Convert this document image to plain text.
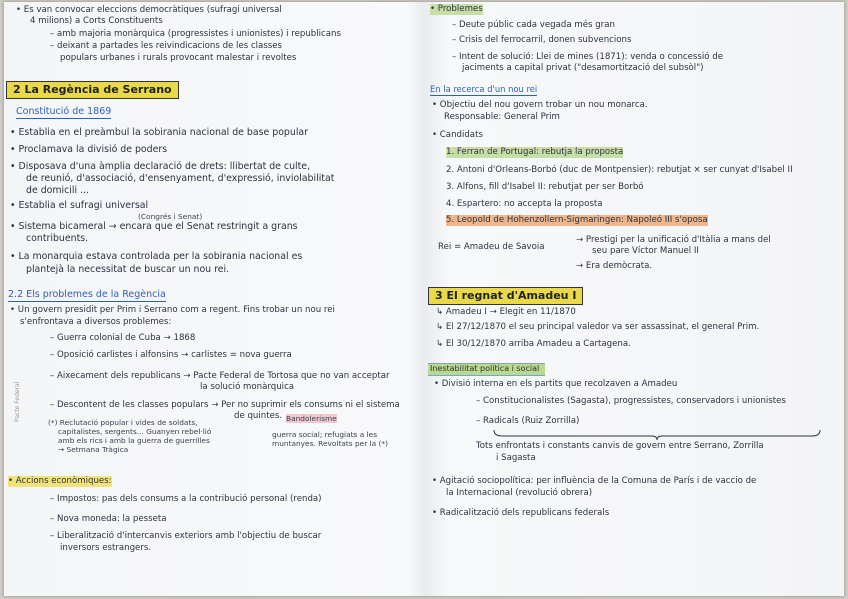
• Es van convocar eleccions democràtiques (sufragi universal
4 milions) a Corts Constituents
– amb majoria monàrquica (progressistes i unionistes) i republicans
– deixant a partades les reivindicacions de les classes
populars urbanes i rurals provocant malestar i revoltes
2 La Regència de Serrano
Constitució de 1869
• Establia en el preàmbul la sobirania nacional de base popular
• Proclamava la divisió de poders
• Disposava d'una àmplia declaració de drets: llibertat de culte,
de reunió, d'associació, d'ensenyament, d'expressió, inviolabilitat
de domicili ...
• Establia el sufragi universal
(Congrés i Senat)
• Sistema bicameral → encara que el Senat restringit a grans
contribuents.
• La monarquia estava controlada per la sobirania nacional es
plantejà la necessitat de buscar un nou rei.
2.2 Els problemes de la Regència
• Un govern presidit per Prim i Serrano com a regent. Fins trobar un nou rei
s'enfrontava a diversos problemes:
– Guerra colonial de Cuba → 1868
– Oposició carlistes i alfonsins → carlistes = nova guerra
– Aixecament dels republicans → Pacte Federal de Tortosa que no van acceptar
la solució monàrquica
– Descontent de les classes populars → Per no suprimir els consums ni el sistema
de quintes.
(*) Reclutació popular i vides de soldats,
capitalistes, sergents... Guanyen rebel·lió
amb els rics i amb la guerra de guerrilles
→ Setmana Tràgica
Bandolerisme
guerra social; refugiats a les
muntanyes. Revoltats per la (*)
• Accions econòmiques:
– Impostos: pas dels consums a la contribució personal (renda)
– Nova moneda: la pesseta
– Liberalització d'intercanvis exteriors amb l'objectiu de buscar
inversors estrangers.
Pacte Federal
• Problemes
– Deute públic cada vegada més gran
– Crisis del ferrocarril, donen subvencions
– Intent de solució: Llei de mines (1871): venda o concessió de
jaciments a capital privat ("desamortització del subsòl")
En la recerca d'un nou rei
• Objectiu del nou govern trobar un nou monarca.
Responsable: General Prim
• Candidats
1. Ferran de Portugal: rebutja la proposta
2. Antoni d'Orleans-Borbó (duc de Montpensier): rebutjat × ser cunyat d'Isabel II
3. Alfons, fill d'Isabel II: rebutjat per ser Borbó
4. Espartero: no accepta la proposta
5. Leopold de Hohenzollern-Sigmaringen: Napoleó III s'oposa
Rei = Amadeu de Savoia
→ Prestigi per la unificació d'Itàlia a mans del
seu pare Víctor Manuel II
→ Era demòcrata.
3 El regnat d'Amadeu I
↳ Amadeu I → Elegit en 11/1870
↳ El 27/12/1870 el seu principal valedor va ser assassinat, el general Prim.
↳ El 30/12/1870 arriba Amadeu a Cartagena.
Inestabilitat política i social
• Divisió interna en els partits que recolzaven a Amadeu
– Constitucionalistes (Sagasta), progressistes, conservadors i unionistes
– Radicals (Ruiz Zorrilla)
Tots enfrontats i constants canvis de govern entre Serrano, Zorrilla
i Sagasta
• Agitació sociopolítica: per influència de la Comuna de París i de vaccio de
la Internacional (revolució obrera)
• Radicalització dels republicans federals
